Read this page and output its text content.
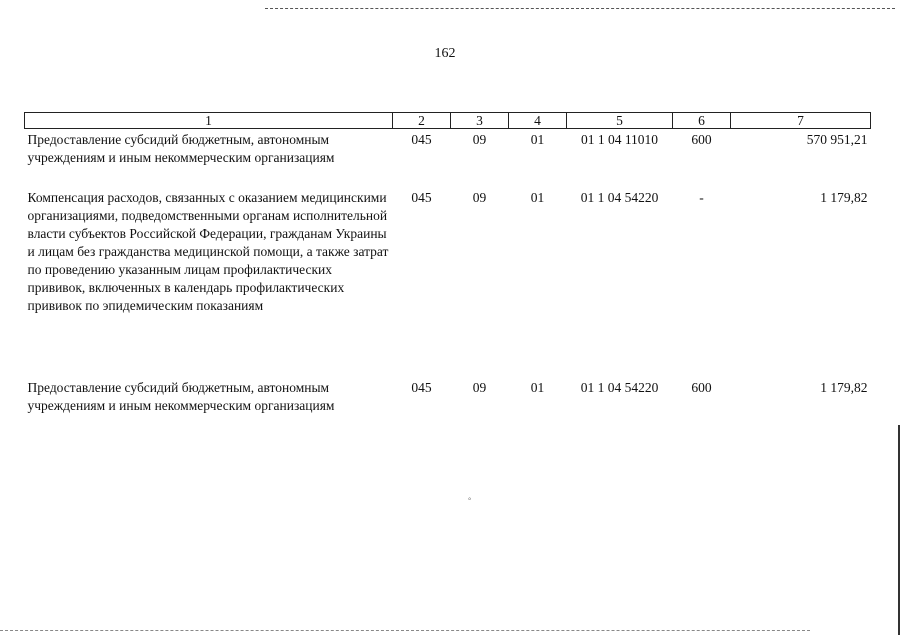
°
162
1	2	3	4	5	6	7
Предоставление субсидий бюджетным, автономным учреждениям и иным некоммерческим организациям	045	09	01	01 1 04 11010	600	570 951,21
Компенсация расходов, связанных с оказанием медицинскими организациями, подведомственными органам исполнительной власти субъектов Российской Федерации, гражданам Украины и лицам без гражданства медицинской помощи, а также затрат по проведению указанным лицам профилактических прививок, включенных в календарь профилактических прививок по эпидемическим показаниям	045	09	01	01 1 04 54220	-	1 179,82
Предоставление субсидий бюджетным, автономным учреждениям и иным некоммерческим организациям	045	09	01	01 1 04 54220	600	1 179,82
